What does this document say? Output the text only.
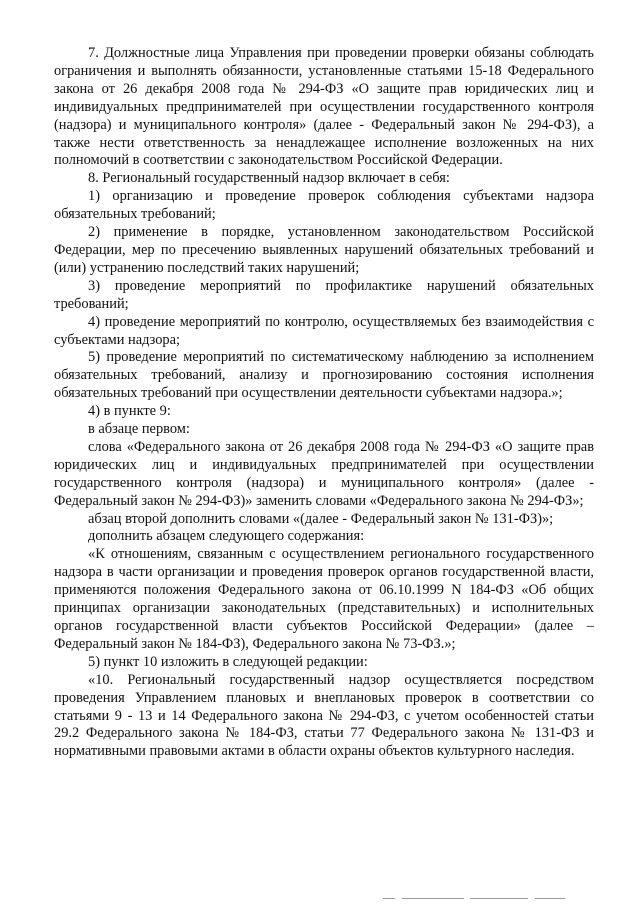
7. Должностные лица Управления при проведении проверки обязаны соблюдать ограничения и выполнять обязанности, установленные статьями 15-18 Федерального закона от 26 декабря 2008 года № 294-ФЗ «О защите прав юридических лиц и индивидуальных предпринимателей при осуществлении государственного контроля (надзора) и муниципального контроля» (далее - Федеральный закон № 294-ФЗ), а также нести ответственность за ненадлежащее исполнение возложенных на них полномочий в соответствии с законодательством Российской Федерации.

8. Региональный государственный надзор включает в себя:

1) организацию и проведение проверок соблюдения субъектами надзора обязательных требований;

2) применение в порядке, установленном законодательством Российской Федерации, мер по пресечению выявленных нарушений обязательных требований и (или) устранению последствий таких нарушений;

3) проведение мероприятий по профилактике нарушений обязательных требований;

4) проведение мероприятий по контролю, осуществляемых без взаимодействия с субъектами надзора;

5) проведение мероприятий по систематическому наблюдению за исполнением обязательных требований, анализу и прогнозированию состояния исполнения обязательных требований при осуществлении деятельности субъектами надзора.»;

4) в пункте 9:

в абзаце первом:

слова «Федерального закона от 26 декабря 2008 года № 294-ФЗ «О защите прав юридических лиц и индивидуальных предпринимателей при осуществлении государственного контроля (надзора) и муниципального контроля» (далее - Федеральный закон № 294-ФЗ)» заменить словами «Федерального закона № 294-ФЗ»;

абзац второй дополнить словами «(далее - Федеральный закон № 131-ФЗ)»;

дополнить абзацем следующего содержания:

«К отношениям, связанным с осуществлением регионального государственного надзора в части организации и проведения проверок органов государственной власти, применяются положения Федерального закона от 06.10.1999 N 184-ФЗ «Об общих принципах организации законодательных (представительных) и исполнительных органов государственной власти субъектов Российской Федерации» (далее – Федеральный закон № 184-ФЗ), Федерального закона № 73-ФЗ.»;

5) пункт 10 изложить в следующей редакции:

«10. Региональный государственный надзор осуществляется посредством проведения Управлением плановых и внеплановых проверок в соответствии со статьями 9 - 13 и 14 Федерального закона № 294-ФЗ, с учетом особенностей статьи 29.2 Федерального закона № 184-ФЗ, статьи 77 Федерального закона № 131-ФЗ и нормативными правовыми актами в области охраны объектов культурного наследия.
